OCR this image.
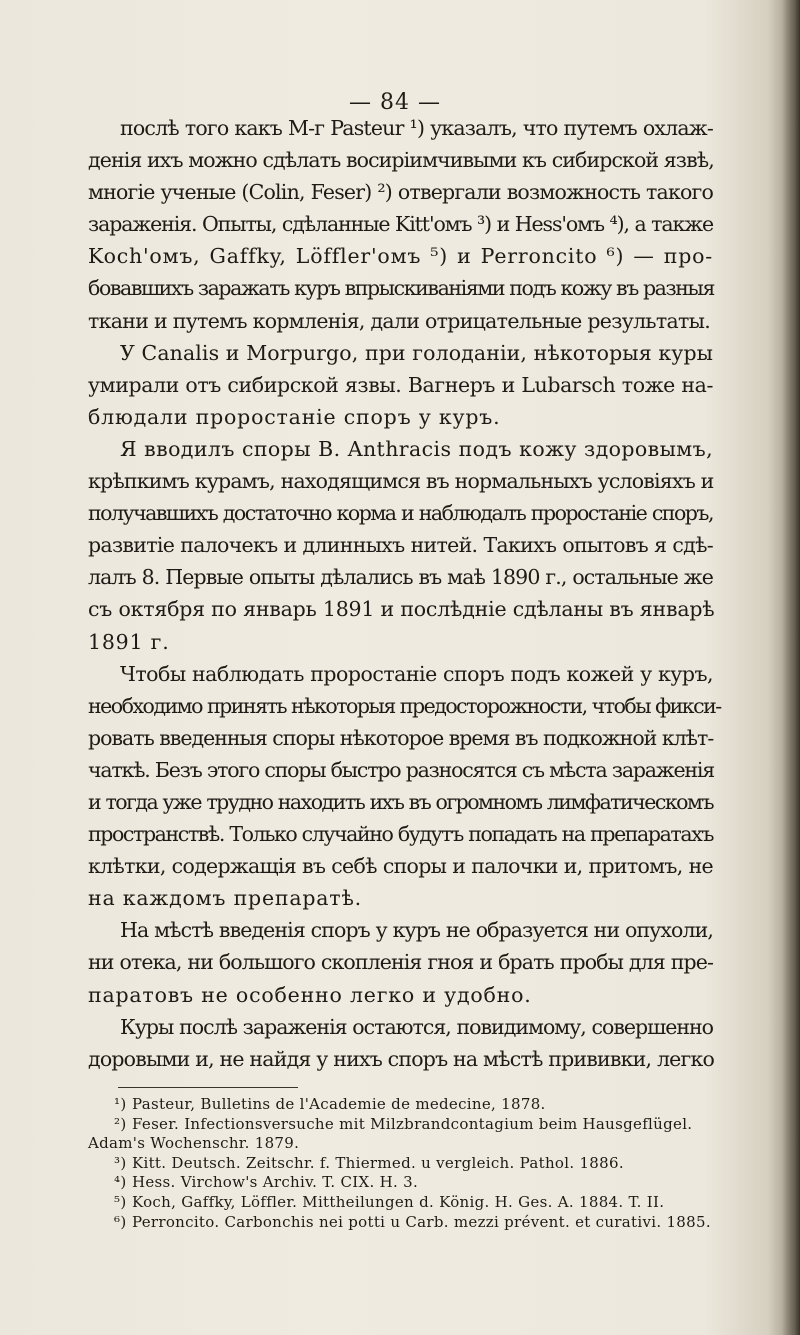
— 84 —
послѣ того какъ М-г Pasteur ¹) указалъ, что путемъ охлаж-
денія ихъ можно сдѣлать восиріимчивыми къ сибирской язвѣ,
многіе ученые (Colin, Feser) ²) отвергали возможность такого
зараженія. Опыты, сдѣланные Kitt'омъ ³) и Hess'омъ ⁴), а также
Koch'омъ, Gaffky, Löffler'омъ ⁵) и Perroncito ⁶) — про-
бовавшихъ заражать куръ впрыскиваніями подъ кожу въ разныя
ткани и путемъ кормленія, дали отрицательные результаты.
У Canalis и Morpurgo, при голоданіи, нѣкоторыя куры
умирали отъ сибирской язвы. Вагнеръ и Lubarsch тоже на-
блюдали проростаніе споръ у куръ.
Я вводилъ споры B. Anthracis подъ кожу здоровымъ,
крѣпкимъ курамъ, находящимся въ нормальныхъ условіяхъ и
получавшихъ достаточно корма и наблюдалъ проростаніе споръ,
развитіе палочекъ и длинныхъ нитей. Такихъ опытовъ я сдѣ-
лалъ 8. Первые опыты дѣлались въ маѣ 1890 г., остальные же
съ октября по январь 1891 и послѣдніе сдѣланы въ январѣ
1891 г.
Чтобы наблюдать проростаніе споръ подъ кожей у куръ,
необходимо принять нѣкоторыя предосторожности, чтобы фикси-
ровать введенныя споры нѣкоторое время въ подкожной клѣт-
чаткѣ. Безъ этого споры быстро разносятся съ мѣста зараженія
и тогда уже трудно находить ихъ въ огромномъ лимфатическомъ
пространствѣ. Только случайно будутъ попадать на препаратахъ
клѣтки, содержащія въ себѣ споры и палочки и, притомъ, не
на каждомъ препаратѣ.
На мѣстѣ введенія споръ у куръ не образуется ни опухоли,
ни отека, ни большого скопленія гноя и брать пробы для пре-
паратовъ не особенно легко и удобно.
Куры послѣ зараженія остаются, повидимому, совершенно
доровыми и, не найдя у нихъ споръ на мѣстѣ прививки, легко
¹) Pasteur, Bulletins de l'Academie de medecine, 1878.
²) Feser. Infectionsversuche mit Milzbrandcontagium beim Hausgeflügel. Adam's Wochenschr. 1879.
³) Kitt. Deutsch. Zeitschr. f. Thiermed. u vergleich. Pathol. 1886.
⁴) Hess. Virchow's Archiv. T. CIX. H. 3.
⁵) Koch, Gaffky, Löffler. Mittheilungen d. König. H. Ges. A. 1884. T. II.
⁶) Perroncito. Carbonchis nei potti u Carb. mezzi prévent. et curativi. 1885.
